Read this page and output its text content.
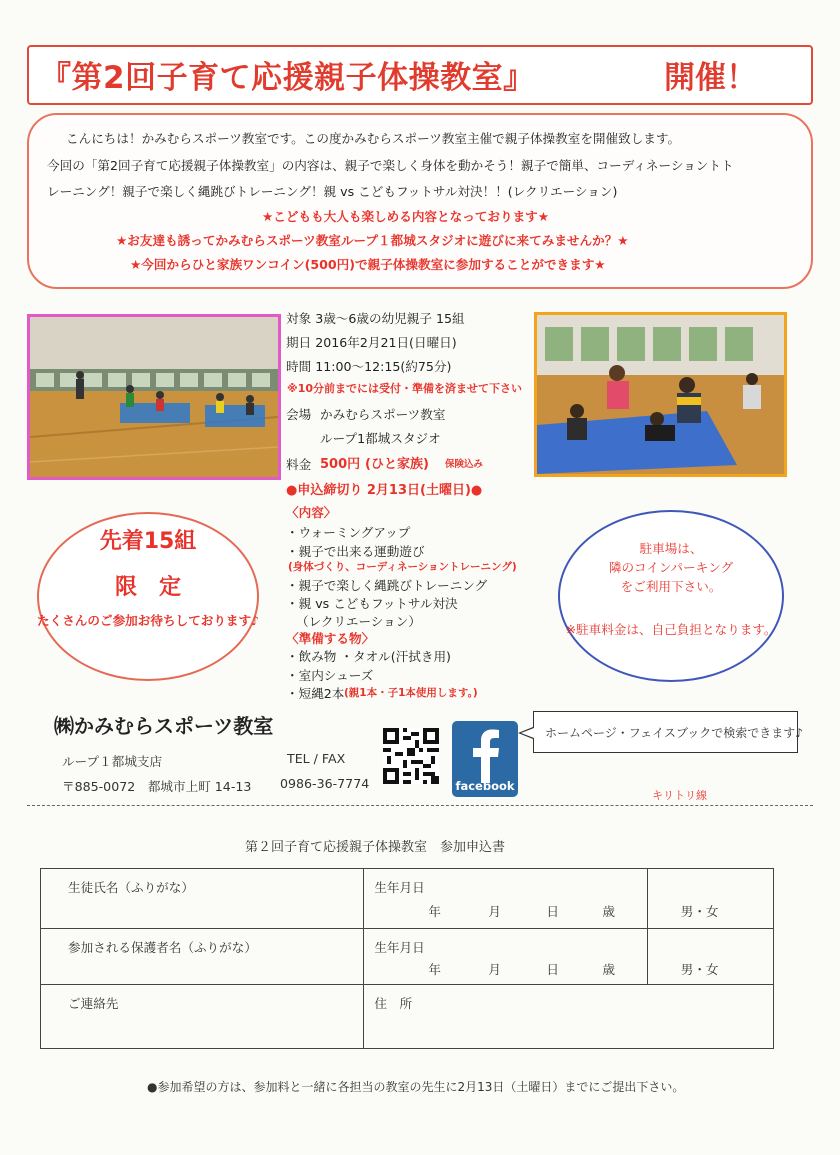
『第2回子育て応援親子体操教室』	開催！
こんにちは！かみむらスポーツ教室です。この度かみむらスポーツ教室主催で親子体操教室を開催致します。
今回の「第2回子育て応援親子体操教室」の内容は、親子で楽しく身体を動かそう！親子で簡単、コーディネーショントト
レーニング！親子で楽しく縄跳びトレーニング！親 vs こどもフットサル対決！！(レクリエーション)
★こどもも大人も楽しめる内容となっております★
★お友達も誘ってかみむらスポーツ教室ループ１都城スタジオに遊びに来てみませんか？★
★今回からひと家族ワンコイン(500円)で親子体操教室に参加することができます★
対象 3歳～6歳の幼児親子 15組
期日 2016年2月21日(日曜日)
時間 11:00～12:15(約75分)
※10分前までには受付・準備を済ませて下さい
会場 かみむらスポーツ教室
ループ1都城スタジオ
料金 500円 (ひと家族) 保険込み
●申込締切り 2月13日(土曜日)●
〈内容〉
・ウォーミングアップ
・親子で出来る運動遊び
(身体づくり、コーディネーショントレーニング)
・親子で楽しく縄跳びトレーニング
・親 vs こどもフットサル対決
（レクリエーション）
〈準備する物〉
・飲み物 ・タオル(汗拭き用)
・室内シューズ
・短縄2本 (親1本・子1本使用します。)
先着15組
限　定
たくさんのご参加お待ちしております♪
駐車場は、
隣のコインパーキング
をご利用下さい。
※駐車料金は、自己負担となります。
㈱かみむらスポーツ教室
ループ１都城支店
〒885-0072　都城市上町 14-13
TEL / FAX
0986-36-7774	facebook
ホームページ・フェイスブックで検索できます♪
キリトリ線
第２回子育て応援親子体操教室　参加申込書
生徒氏名（ふりがな）	生年月日
年 月 日 歳	男・女

参加される保護者名（ふりがな）	生年月日
年 月 日 歳	男・女

ご連絡先	住　所	
●参加希望の方は、参加料と一緒に各担当の教室の先生に2月13日（土曜日）までにご提出下さい。
